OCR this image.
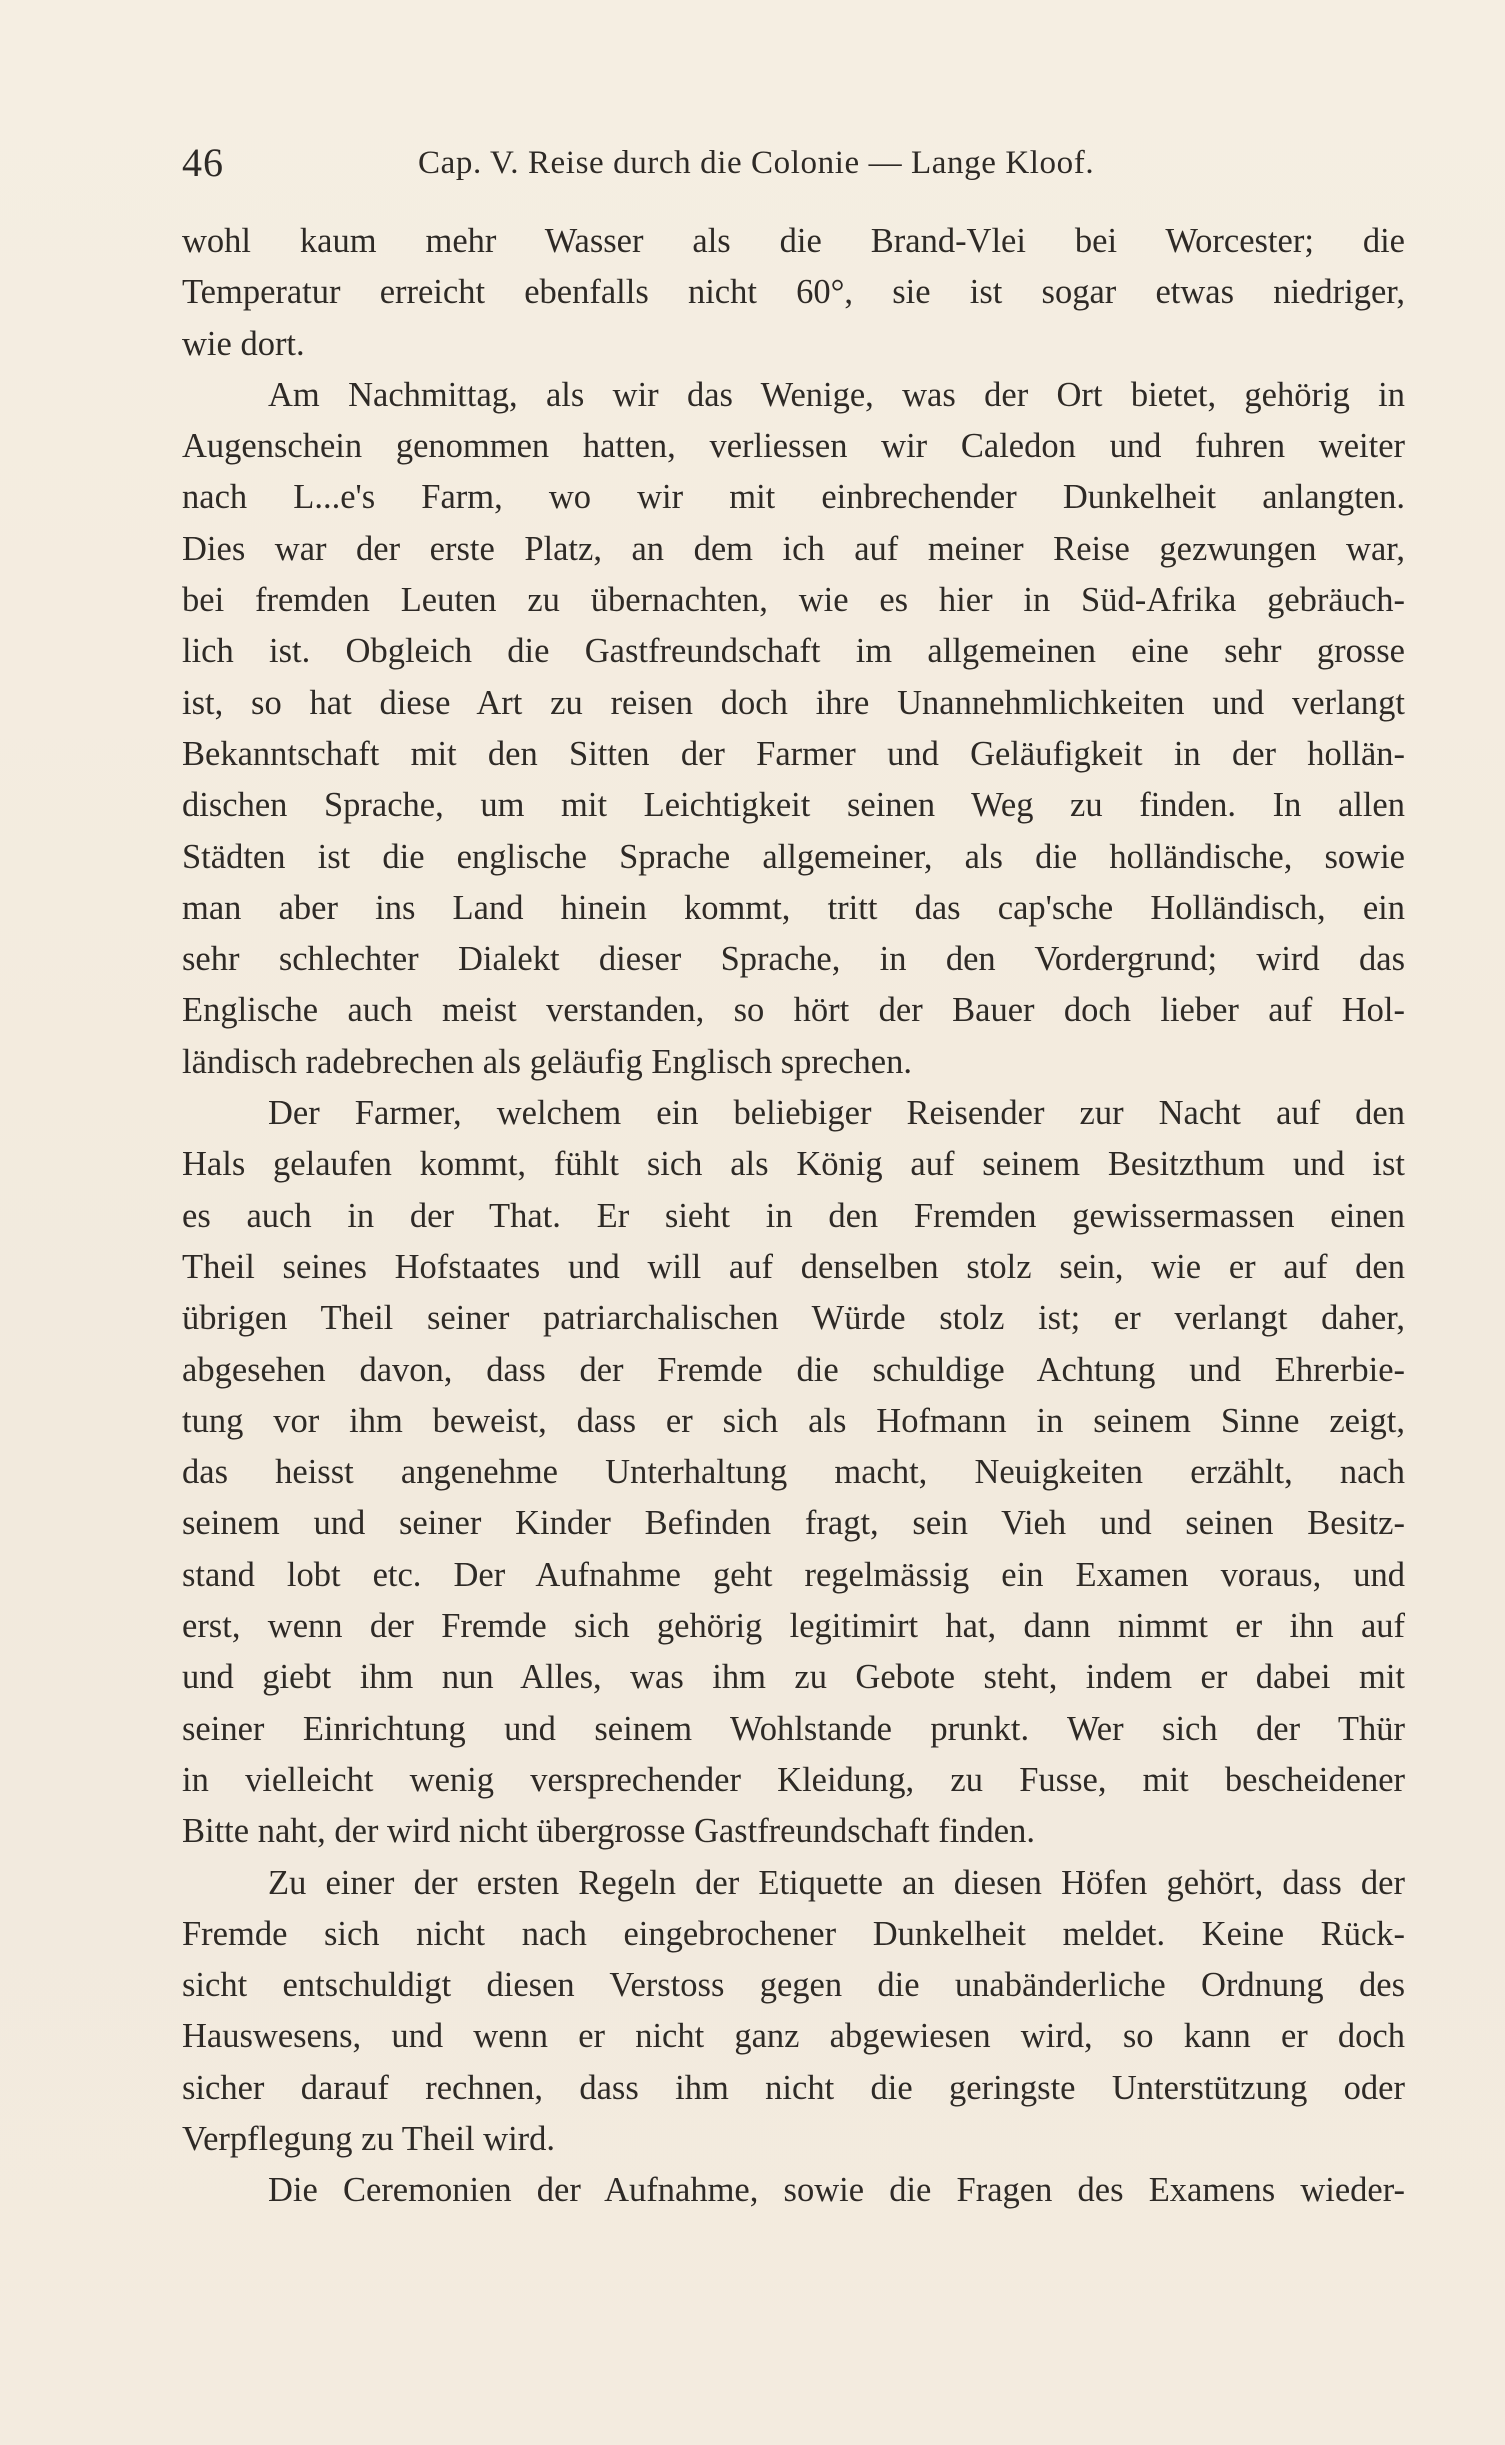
46	Cap. V. Reise durch die Colonie — Lange Kloof.
wohl kaum mehr Wasser als die Brand-Vlei bei Worcester; die
Temperatur erreicht ebenfalls nicht 60°, sie ist sogar etwas niedriger,
wie dort.
Am Nachmittag, als wir das Wenige, was der Ort bietet, gehörig in
Augenschein genommen hatten, verliessen wir Caledon und fuhren weiter
nach L...e's Farm, wo wir mit einbrechender Dunkelheit anlangten.
Dies war der erste Platz, an dem ich auf meiner Reise gezwungen war,
bei fremden Leuten zu übernachten, wie es hier in Süd-Afrika gebräuch-
lich ist. Obgleich die Gastfreundschaft im allgemeinen eine sehr grosse
ist, so hat diese Art zu reisen doch ihre Unannehmlichkeiten und verlangt
Bekanntschaft mit den Sitten der Farmer und Geläufigkeit in der hollän-
dischen Sprache, um mit Leichtigkeit seinen Weg zu finden. In allen
Städten ist die englische Sprache allgemeiner, als die holländische, sowie
man aber ins Land hinein kommt, tritt das cap'sche Holländisch, ein
sehr schlechter Dialekt dieser Sprache, in den Vordergrund; wird das
Englische auch meist verstanden, so hört der Bauer doch lieber auf Hol-
ländisch radebrechen als geläufig Englisch sprechen.
Der Farmer, welchem ein beliebiger Reisender zur Nacht auf den
Hals gelaufen kommt, fühlt sich als König auf seinem Besitzthum und ist
es auch in der That. Er sieht in den Fremden gewissermassen einen
Theil seines Hofstaates und will auf denselben stolz sein, wie er auf den
übrigen Theil seiner patriarchalischen Würde stolz ist; er verlangt daher,
abgesehen davon, dass der Fremde die schuldige Achtung und Ehrerbie-
tung vor ihm beweist, dass er sich als Hofmann in seinem Sinne zeigt,
das heisst angenehme Unterhaltung macht, Neuigkeiten erzählt, nach
seinem und seiner Kinder Befinden fragt, sein Vieh und seinen Besitz-
stand lobt etc. Der Aufnahme geht regelmässig ein Examen voraus, und
erst, wenn der Fremde sich gehörig legitimirt hat, dann nimmt er ihn auf
und giebt ihm nun Alles, was ihm zu Gebote steht, indem er dabei mit
seiner Einrichtung und seinem Wohlstande prunkt. Wer sich der Thür
in vielleicht wenig versprechender Kleidung, zu Fusse, mit bescheidener
Bitte naht, der wird nicht übergrosse Gastfreundschaft finden.
Zu einer der ersten Regeln der Etiquette an diesen Höfen gehört, dass der
Fremde sich nicht nach eingebrochener Dunkelheit meldet. Keine Rück-
sicht entschuldigt diesen Verstoss gegen die unabänderliche Ordnung des
Hauswesens, und wenn er nicht ganz abgewiesen wird, so kann er doch
sicher darauf rechnen, dass ihm nicht die geringste Unterstützung oder
Verpflegung zu Theil wird.
Die Ceremonien der Aufnahme, sowie die Fragen des Examens wieder-
